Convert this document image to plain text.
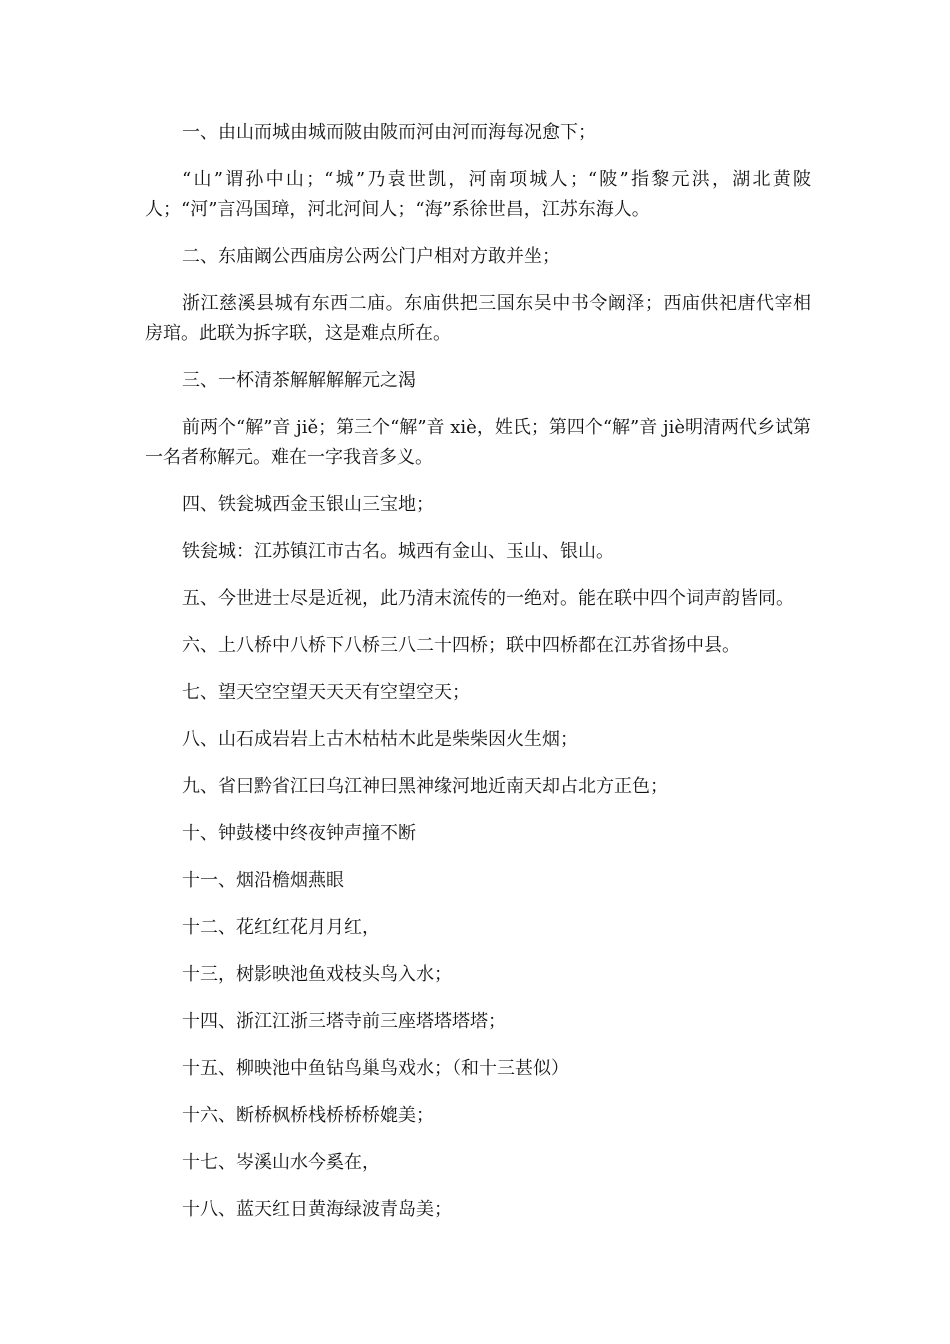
一、由山而城由城而陂由陂而河由河而海每况愈下；

“山”谓孙中山；“城”乃袁世凯，河南项城人；“陂”指黎元洪，湖北黄陂人；“河”言冯国璋，河北河间人；“海”系徐世昌，江苏东海人。

二、东庙阚公西庙房公两公门户相对方敢并坐；

浙江慈溪县城有东西二庙。东庙供把三国东吴中书令阚泽；西庙供祀唐代宰相房琯。此联为拆字联，这是难点所在。

三、一杯清茶解解解解元之渴

前两个“解”音 jiě；第三个“解”音 xiè，姓氏；第四个“解”音 jiè明清两代乡试第一名者称解元。难在一字我音多义。

四、铁瓮城西金玉银山三宝地；

铁瓮城：江苏镇江市古名。城西有金山、玉山、银山。

五、今世进士尽是近视，此乃清末流传的一绝对。能在联中四个词声韵皆同。

六、上八桥中八桥下八桥三八二十四桥；联中四桥都在江苏省扬中县。

七、望天空空望天天天有空望空天；

八、山石成岩岩上古木枯枯木此是柴柴因火生烟；

九、省曰黔省江曰乌江神曰黑神缘河地近南天却占北方正色；

十、钟鼓楼中终夜钟声撞不断

十一、烟沿檐烟燕眼

十二、花红红花月月红，

十三，树影映池鱼戏枝头鸟入水；

十四、浙江江浙三塔寺前三座塔塔塔塔；

十五、柳映池中鱼钻鸟巢鸟戏水；（和十三甚似）

十六、断桥枫桥栈桥桥桥媲美；

十七、岑溪山水今奚在，

十八、蓝天红日黄海绿波青岛美；
